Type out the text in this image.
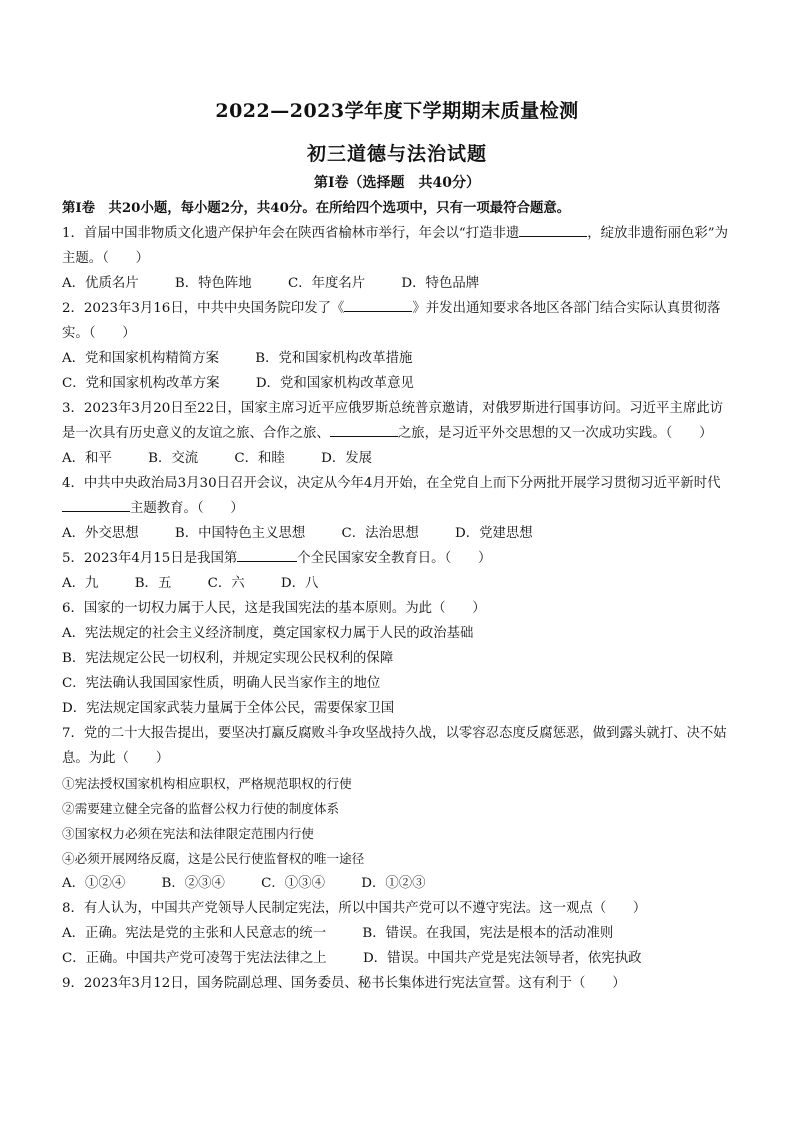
2022—2023学年度下学期期末质量检测
初三道德与法治试题
第Ⅰ卷（选择题　共40分）
第Ⅰ卷　共20小题，每小题2分，共40分。在所给四个选项中，只有一项最符合题意。
1．首届中国非物质文化遗产保护年会在陕西省榆林市举行，年会以“打造非遗	，绽放非遗衔丽色彩”为主题。（　　）
A．优质名片	B．特色阵地	C．年度名片	D．特色品牌
2．2023年3月16日，中共中央国务院印发了《	》并发出通知要求各地区各部门结合实际认真贯彻落实。（　　）
A．党和国家机构精简方案	B．党和国家机构改革措施
C．党和国家机构改革方案	D．党和国家机构改革意见
3．2023年3月20日至22日，国家主席习近平应俄罗斯总统普京邀请，对俄罗斯进行国事访问。习近平主席此访是一次具有历史意义的友谊之旅、合作之旅、	之旅，是习近平外交思想的又一次成功实践。（　　）
A．和平	B．交流	C．和睦	D．发展
4．中共中央政治局3月30日召开会议，决定从今年4月开始，在全党自上而下分两批开展学习贯彻习近平新时代主题教育。（　　）
A．外交思想	B．中国特色主义思想	C．法治思想	D．党建思想
5．2023年4月15日是我国第	个全民国家安全教育日。（　　）
A．九	B．五	C．六	D．八
6．国家的一切权力属于人民，这是我国宪法的基本原则。为此（　　）
A．宪法规定的社会主义经济制度，奠定国家权力属于人民的政治基础
B．宪法规定公民一切权利，并规定实现公民权利的保障
C．宪法确认我国国家性质，明确人民当家作主的地位
D．宪法规定国家武装力量属于全体公民，需要保家卫国
7．党的二十大报告提出，要坚决打赢反腐败斗争攻坚战持久战，以零容忍态度反腐惩恶，做到露头就打、决不姑息。为此（　　）
①宪法授权国家机构相应职权，严格规范职权的行使
②需要建立健全完备的监督公权力行使的制度体系
③国家权力必须在宪法和法律限定范围内行使
④必须开展网络反腐，这是公民行使监督权的唯一途径
A．①②④	B．②③④	C．①③④	D．①②③
8．有人认为，中国共产党领导人民制定宪法，所以中国共产党可以不遵守宪法。这一观点（　　）
A．正确。宪法是党的主张和人民意志的统一	B．错误。在我国，宪法是根本的活动准则
C．正确。中国共产党可凌驾于宪法法律之上	D．错误。中国共产党是宪法领导者，依宪执政
9．2023年3月12日，国务院副总理、国务委员、秘书长集体进行宪法宣誓。这有利于（　　）
